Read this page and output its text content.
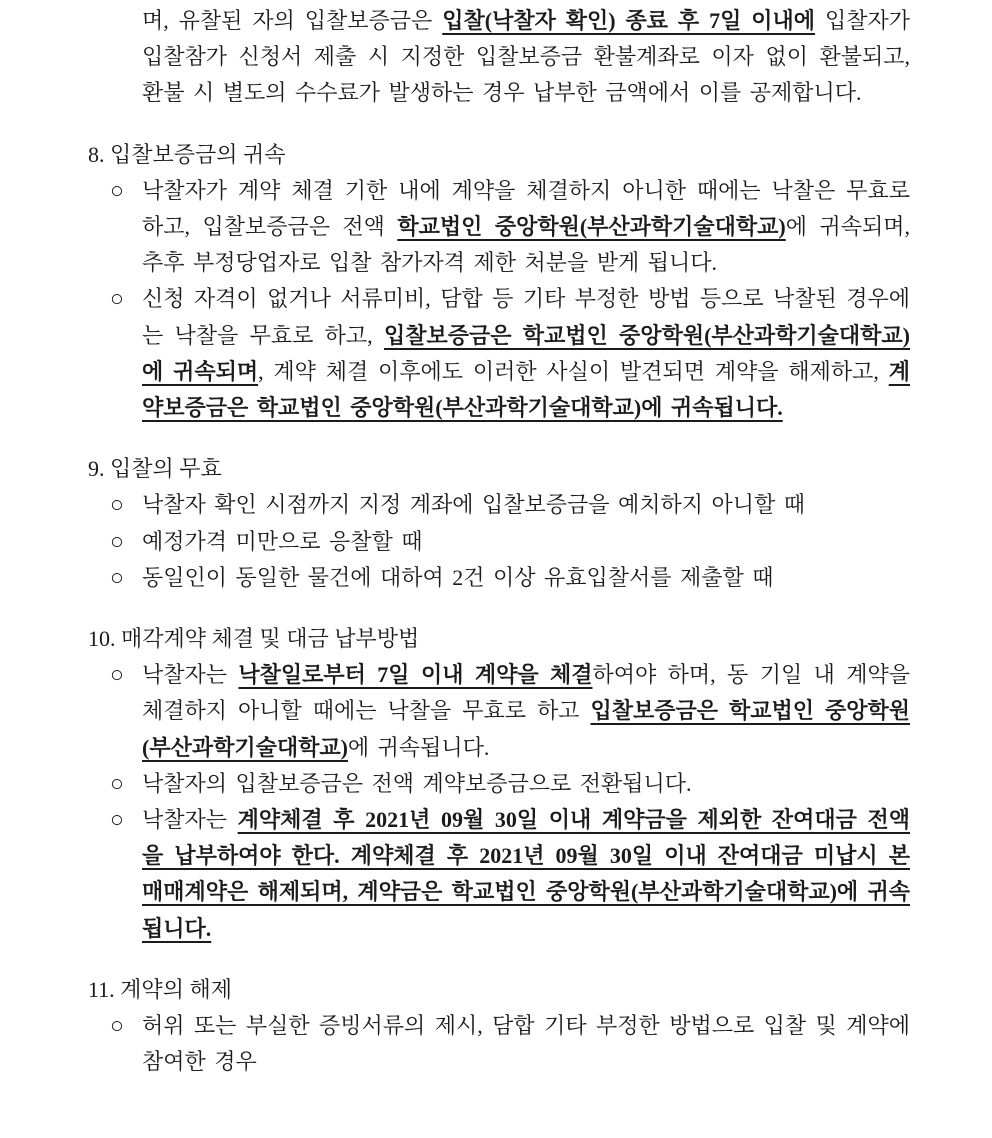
며, 유찰된 자의 입찰보증금은 입찰(낙찰자 확인) 종료 후 7일 이내에 입찰자가 입찰참가 신청서 제출 시 지정한 입찰보증금 환불계좌로 이자 없이 환불되고, 환불 시 별도의 수수료가 발생하는 경우 납부한 금액에서 이를 공제합니다.

8. 입찰보증금의 귀속
○ 낙찰자가 계약 체결 기한 내에 계약을 체결하지 아니한 때에는 낙찰은 무효로 하고, 입찰보증금은 전액 학교법인 중앙학원(부산과학기술대학교)에 귀속되며, 추후 부정당업자로 입찰 참가자격 제한 처분을 받게 됩니다.
○ 신청 자격이 없거나 서류미비, 담합 등 기타 부정한 방법 등으로 낙찰된 경우에는 낙찰을 무효로 하고, 입찰보증금은 학교법인 중앙학원(부산과학기술대학교)에 귀속되며, 계약 체결 이후에도 이러한 사실이 발견되면 계약을 해제하고, 계약보증금은 학교법인 중앙학원(부산과학기술대학교)에 귀속됩니다.
9. 입찰의 무효
○ 낙찰자 확인 시점까지 지정 계좌에 입찰보증금을 예치하지 아니할 때
○ 예정가격 미만으로 응찰할 때
○ 동일인이 동일한 물건에 대하여 2건 이상 유효입찰서를 제출할 때
10. 매각계약 체결 및 대금 납부방법
○ 낙찰자는 낙찰일로부터 7일 이내 계약을 체결하여야 하며, 동 기일 내 계약을 체결하지 아니할 때에는 낙찰을 무효로 하고 입찰보증금은 학교법인 중앙학원(부산과학기술대학교)에 귀속됩니다.
○ 낙찰자의 입찰보증금은 전액 계약보증금으로 전환됩니다.
○ 낙찰자는 계약체결 후 2021년 09월 30일 이내 계약금을 제외한 잔여대금 전액을 납부하여야 한다. 계약체결 후 2021년 09월 30일 이내 잔여대금 미납시 본 매매계약은 해제되며, 계약금은 학교법인 중앙학원(부산과학기술대학교)에 귀속됩니다.
11. 계약의 해제
○ 허위 또는 부실한 증빙서류의 제시, 담합 기타 부정한 방법으로 입찰 및 계약에 참여한 경우
